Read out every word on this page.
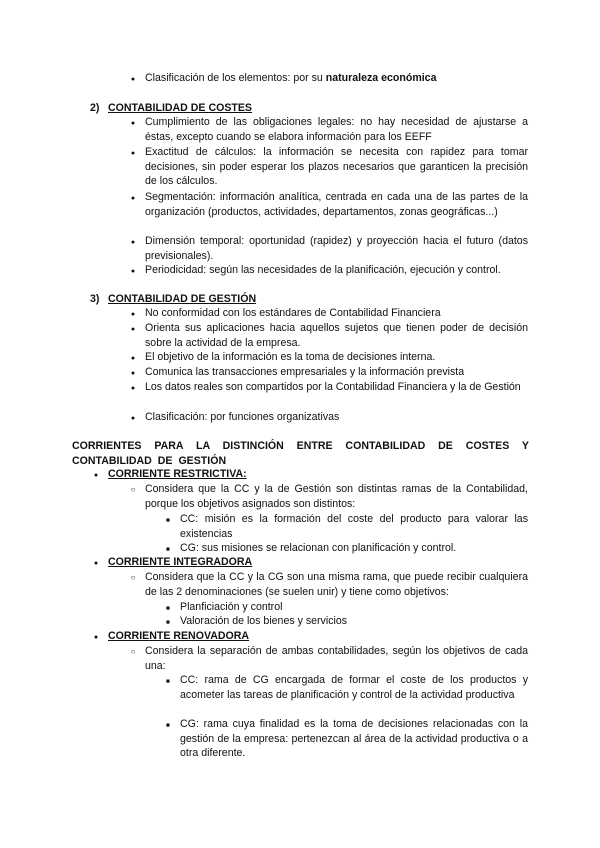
●
Clasificación de los elementos: por su naturaleza económica
2) CONTABILIDAD DE COSTES
●
Cumplimiento de las obligaciones legales: no hay necesidad de ajustarse a éstas, excepto cuando se elabora información para los EEFF
●
Exactitud de cálculos: la información se necesita con rapidez para tomar decisiones, sin poder esperar los plazos necesarios que garanticen la precisión de los cálculos.
●
Segmentación: información analítica, centrada en cada una de las partes de la organización (productos, actividades, departamentos, zonas geográficas...)
●
Dimensión temporal: oportunidad (rapidez) y proyección hacia el futuro (datos previsionales).
●
Periodicidad: según las necesidades de la planificación, ejecución y control.
3) CONTABILIDAD DE GESTIÓN
●
No conformidad con los estándares de Contabilidad Financiera
●
Orienta sus aplicaciones hacia aquellos sujetos que tienen poder de decisión sobre la actividad de la empresa.
●
El objetivo de la información es la toma de decisiones interna.
●
Comunica las transacciones empresariales y la información prevista
●
Los datos reales son compartidos por la Contabilidad Financiera y la de Gestión
●
Clasificación: por funciones organizativas
CORRIENTES PARA LA DISTINCIÓN ENTRE CONTABILIDAD DE COSTES Y CONTABILIDAD DE GESTIÓN
●
CORRIENTE RESTRICTIVA:
○
Considera que la CC y la de Gestión son distintas ramas de la Contabilidad, porque los objetivos asignados son distintos:
■
CC: misión es la formación del coste del producto para valorar las existencias
■
CG: sus misiones se relacionan con planificación y control.
●
CORRIENTE INTEGRADORA
○
Considera que la CC y la CG son una misma rama, que puede recibir cualquiera de las 2 denominaciones (se suelen unir) y tiene como objetivos:
■
Planficiación y control
■
Valoración de los bienes y servicios
●
CORRIENTE RENOVADORA
○
Considera la separación de ambas contabilidades, según los objetivos de cada una:
■
CC: rama de CG encargada de formar el coste de los productos y acometer las tareas de planificación y control de la actividad productiva
■
CG: rama cuya finalidad es la toma de decisiones relacionadas con la gestión de la empresa: pertenezcan al área de la actividad productiva o a otra diferente.
